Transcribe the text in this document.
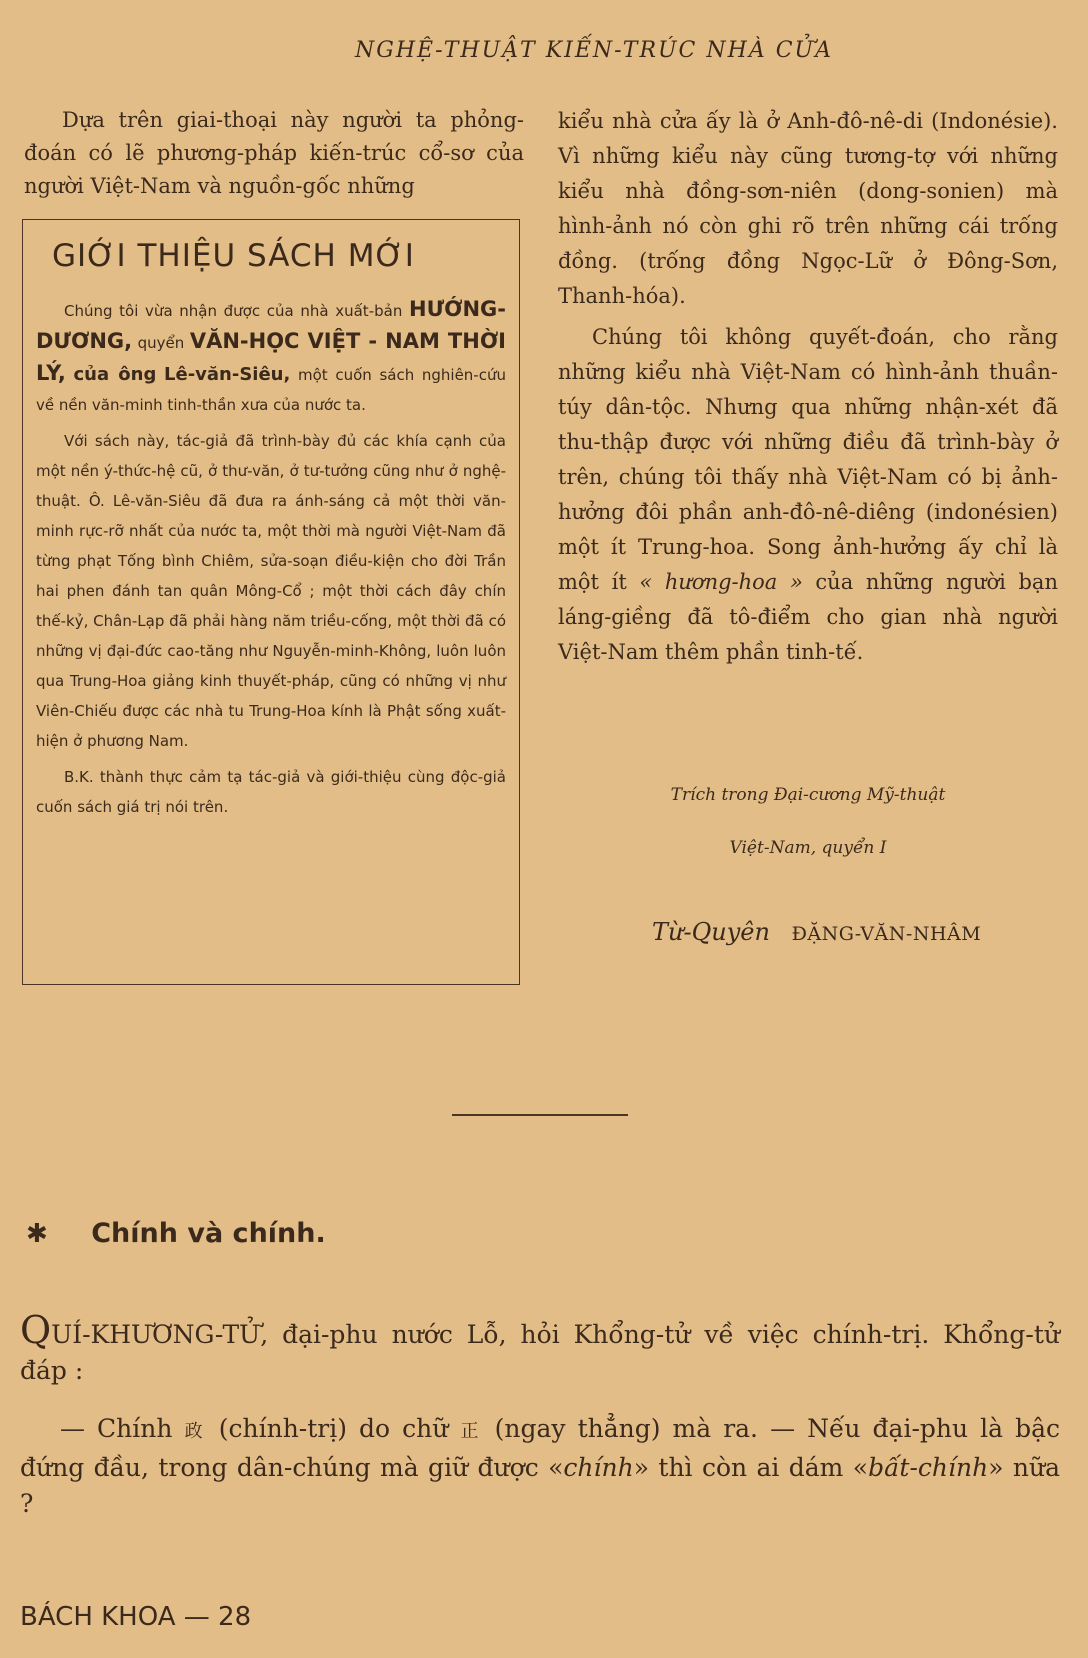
NGHỆ-THUẬT KIẾN-TRÚC NHÀ CỬA
Dựa trên giai-thoại này người ta phỏng-đoán có lẽ phương-pháp kiến-trúc cổ-sơ của người Việt-Nam và nguồn-gốc những
GIỚI THIỆU SÁCH MỚI

Chúng tôi vừa nhận được của nhà xuất-bản HƯỚNG-DƯƠNG, quyển VĂN-HỌC VIỆT - NAM THỜI LÝ, của ông Lê-văn-Siêu, một cuốn sách nghiên-cứu về nền văn-minh tinh-thần xưa của nước ta.

Với sách này, tác-giả đã trình-bày đủ các khía cạnh của một nền ý-thức-hệ cũ, ở thư-văn, ở tư-tưởng cũng như ở nghệ-thuật. Ô. Lê-văn-Siêu đã đưa ra ánh-sáng cả một thời văn-minh rực-rỡ nhất của nước ta, một thời mà người Việt-Nam đã từng phạt Tống bình Chiêm, sửa-soạn điều-kiện cho đời Trần hai phen đánh tan quân Mông-Cổ ; một thời cách đây chín thế-kỷ, Chân-Lạp đã phải hàng năm triều-cống, một thời đã có những vị đại-đức cao-tăng như Nguyễn-minh-Không, luôn luôn qua Trung-Hoa giảng kinh thuyết-pháp, cũng có những vị như Viên-Chiếu được các nhà tu Trung-Hoa kính là Phật sống xuất-hiện ở phương Nam.

B.K. thành thực cảm tạ tác-giả và giới-thiệu cùng độc-giả cuốn sách giá trị nói trên.

kiểu nhà cửa ấy là ở Anh-đô-nê-di (Indonésie). Vì những kiểu này cũng tương-tợ với những kiểu nhà đồng-sơn-niên (dong-sonien) mà hình-ảnh nó còn ghi rõ trên những cái trống đồng. (trống đồng Ngọc-Lữ ở Đông-Sơn, Thanh-hóa).

Chúng tôi không quyết-đoán, cho rằng những kiểu nhà Việt-Nam có hình-ảnh thuần-túy dân-tộc. Nhưng qua những nhận-xét đã thu-thập được với những điều đã trình-bày ở trên, chúng tôi thấy nhà Việt-Nam có bị ảnh-hưởng đôi phần anh-đô-nê-diêng (indonésien) một ít Trung-hoa. Song ảnh-hưởng ấy chỉ là một ít « hương-hoa » của những người bạn láng-giềng đã tô-điểm cho gian nhà người Việt-Nam thêm phần tinh-tế.

Trích trong Đại-cương Mỹ-thuật
Việt-Nam, quyển I
Từ-Quyên ĐẶNG-VĂN-NHÂM
✱ Chính và chính.

QUÍ-KHƯƠNG-TỬ, đại-phu nước Lỗ, hỏi Khổng-tử về việc chính-trị. Khổng-tử đáp :

— Chính 政 (chính-trị) do chữ 正 (ngay thẳng) mà ra. — Nếu đại-phu là bậc đứng đầu, trong dân-chúng mà giữ được «chính» thì còn ai dám «bất-chính» nữa ?

BÁCH KHOA — 28
